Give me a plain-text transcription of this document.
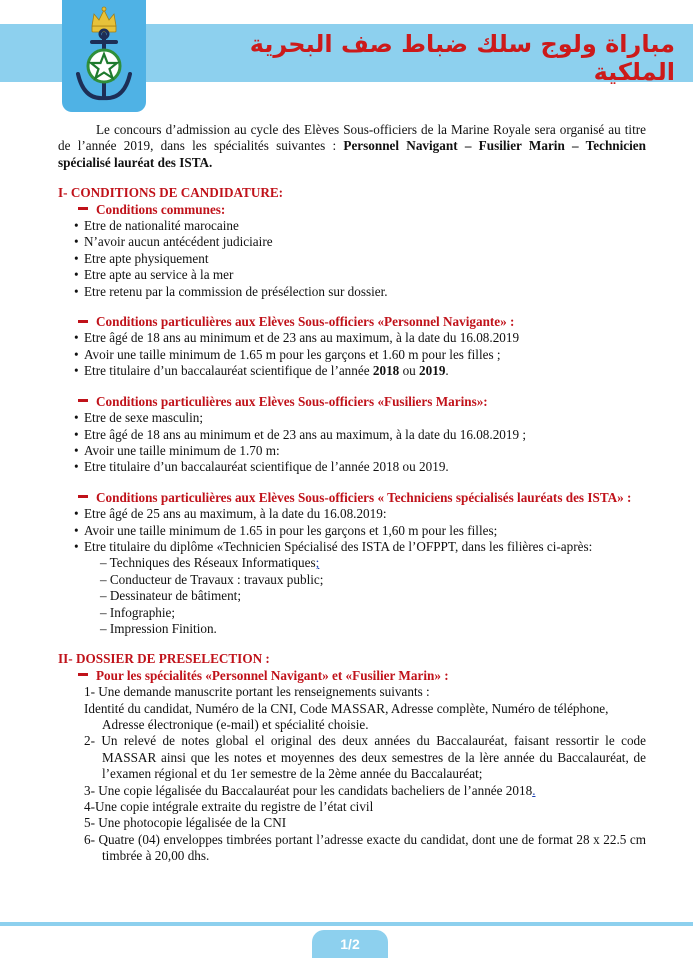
مباراة ولوج سلك ضباط صف البحرية الملكية
Le concours d’admission au cycle des Elèves Sous-officiers de la Marine Royale sera organisé au titre de l’année 2019, dans les spécialités suivantes : Personnel Navigant – Fusilier Marin – Technicien spécialisé lauréat des ISTA.
I- CONDITIONS DE CANDIDATURE:
Conditions communes:
• Etre de nationalité marocaine
• N’avoir aucun antécédent judiciaire
• Etre apte physiquement
• Etre apte au service à la mer
• Etre retenu par la commission de présélection sur dossier.
Conditions particulières aux Elèves Sous-officiers «Personnel Navigante» :
• Etre âgé de 18 ans au minimum et de 23 ans au maximum, à la date du 16.08.2019
• Avoir une taille minimum de 1.65 m pour les garçons et 1.60 m pour les filles ;
• Etre titulaire d’un baccalauréat scientifique de l’année 2018 ou 2019.
Conditions particulières aux Elèves Sous-officiers «Fusiliers Marins»:
• Etre de sexe masculin;
• Etre âgé de 18 ans au minimum et de 23 ans au maximum, à la date du 16.08.2019 ;
• Avoir une taille minimum de 1.70 m:
• Etre titulaire d’un baccalauréat scientifique de l’année 2018 ou 2019.
Conditions particulières aux Elèves Sous-officiers « Techniciens spécialisés lauréats des ISTA» :
• Etre âgé de 25 ans au maximum, à la date du 16.08.2019:
• Avoir une taille minimum de 1.65 in pour les garçons et 1,60 m pour les filles;
• Etre titulaire du diplôme «Technicien Spécialisé des ISTA de l’OFPPT, dans les filières ci-après:
– Techniques des Réseaux Informatiques;
– Conducteur de Travaux : travaux public;
– Dessinateur de bâtiment;
– Infographie;
– Impression Finition.
II- DOSSIER DE PRESELECTION :
Pour les spécialités «Personnel Navigant» et «Fusilier Marin» :
1- Une demande manuscrite portant les renseignements suivants :
Identité du candidat, Numéro de la CNI, Code MASSAR, Adresse complète, Numéro de téléphone,
Adresse électronique (e-mail) et spécialité choisie.
2- Un relevé de notes global el original des deux années du Baccalauréat, faisant ressortir le code MASSAR ainsi que les notes et moyennes des deux semestres de la lère année du Baccalauréat, de l’examen régional et du 1er semestre de la 2ème année du Baccalauréat;
3- Une copie légalisée du Baccalauréat pour les candidats bacheliers de l’année 2018.
4-Une copie intégrale extraite du registre de l’état civil
5- Une photocopie légalisée de la CNI
6- Quatre (04) enveloppes timbrées portant l’adresse exacte du candidat, dont une de format 28 x 22.5 cm timbrée à 20,00 dhs.
1/2
